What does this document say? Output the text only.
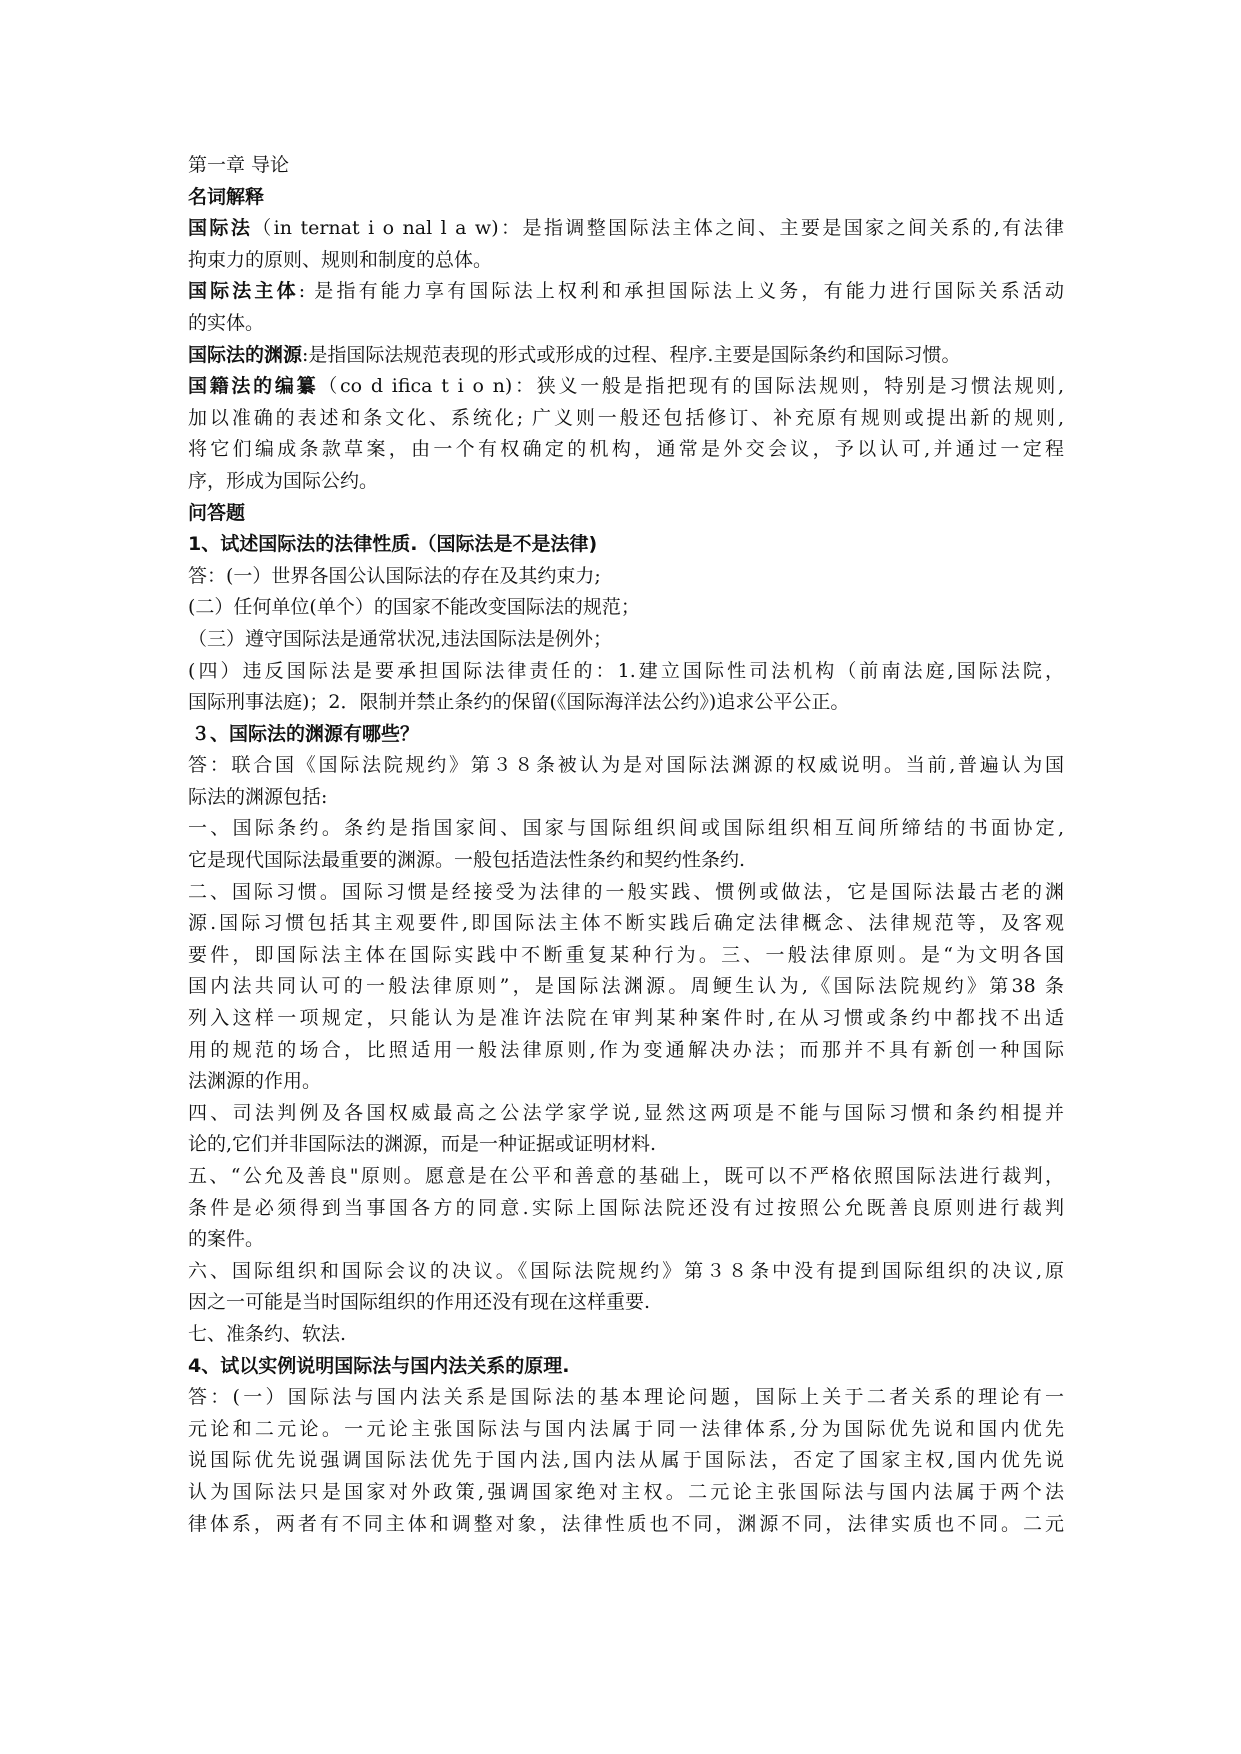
第一章 导论
名词解释
国际法（in ternat i o nal l a w)：是指调整国际法主体之间、主要是国家之间关系的,有法律
拘束力的原则、规则和制度的总体。
国际法主体: 是指有能力享有国际法上权利和承担国际法上义务，有能力进行国际关系活动
的实体。
国际法的渊源:是指国际法规范表现的形式或形成的过程、程序.主要是国际条约和国际习惯。
国籍法的编纂（co d ifica t i o n)：狭义一般是指把现有的国际法规则，特别是习惯法规则,
加以准确的表述和条文化、系统化; 广义则一般还包括修订、补充原有规则或提出新的规则,
将它们编成条款草案，由一个有权确定的机构，通常是外交会议，予以认可,并通过一定程
序，形成为国际公约。
问答题
1、试述国际法的法律性质.（国际法是不是法律)
答：(一）世界各国公认国际法的存在及其约束力;
(二）任何单位(单个）的国家不能改变国际法的规范；
（三）遵守国际法是通常状况,违法国际法是例外；
(四）违反国际法是要承担国际法律责任的：1.建立国际性司法机构（前南法庭,国际法院，
国际刑事法庭)；2．限制并禁止条约的保留(《国际海洋法公约》)追求公平公正。
３、国际法的渊源有哪些？
答：联合国《国际法院规约》第３８条被认为是对国际法渊源的权威说明。当前,普遍认为国
际法的渊源包括:
一、国际条约。条约是指国家间、国家与国际组织间或国际组织相互间所缔结的书面协定,
它是现代国际法最重要的渊源。一般包括造法性条约和契约性条约.
二、国际习惯。国际习惯是经接受为法律的一般实践、惯例或做法，它是国际法最古老的渊
源.国际习惯包括其主观要件,即国际法主体不断实践后确定法律概念、法律规范等，及客观
要件，即国际法主体在国际实践中不断重复某种行为。三、一般法律原则。是“为文明各国
国内法共同认可的一般法律原则”，是国际法渊源。周鲠生认为,《国际法院规约》第38 条
列入这样一项规定，只能认为是准许法院在审判某种案件时,在从习惯或条约中都找不出适
用的规范的场合，比照适用一般法律原则,作为变通解决办法；而那并不具有新创一种国际
法渊源的作用。
四、司法判例及各国权威最高之公法学家学说,显然这两项是不能与国际习惯和条约相提并
论的,它们并非国际法的渊源，而是一种证据或证明材料.
五、“公允及善良"原则。愿意是在公平和善意的基础上，既可以不严格依照国际法进行裁判，
条件是必须得到当事国各方的同意.实际上国际法院还没有过按照公允既善良原则进行裁判
的案件。
六、国际组织和国际会议的决议。《国际法院规约》第３８条中没有提到国际组织的决议,原
因之一可能是当时国际组织的作用还没有现在这样重要.
七、准条约、软法.
4、试以实例说明国际法与国内法关系的原理.
答：(一）国际法与国内法关系是国际法的基本理论问题，国际上关于二者关系的理论有一
元论和二元论。一元论主张国际法与国内法属于同一法律体系,分为国际优先说和国内优先
说国际优先说强调国际法优先于国内法,国内法从属于国际法，否定了国家主权,国内优先说
认为国际法只是国家对外政策,强调国家绝对主权。二元论主张国际法与国内法属于两个法
律体系，两者有不同主体和调整对象，法律性质也不同，渊源不同，法律实质也不同。二元
